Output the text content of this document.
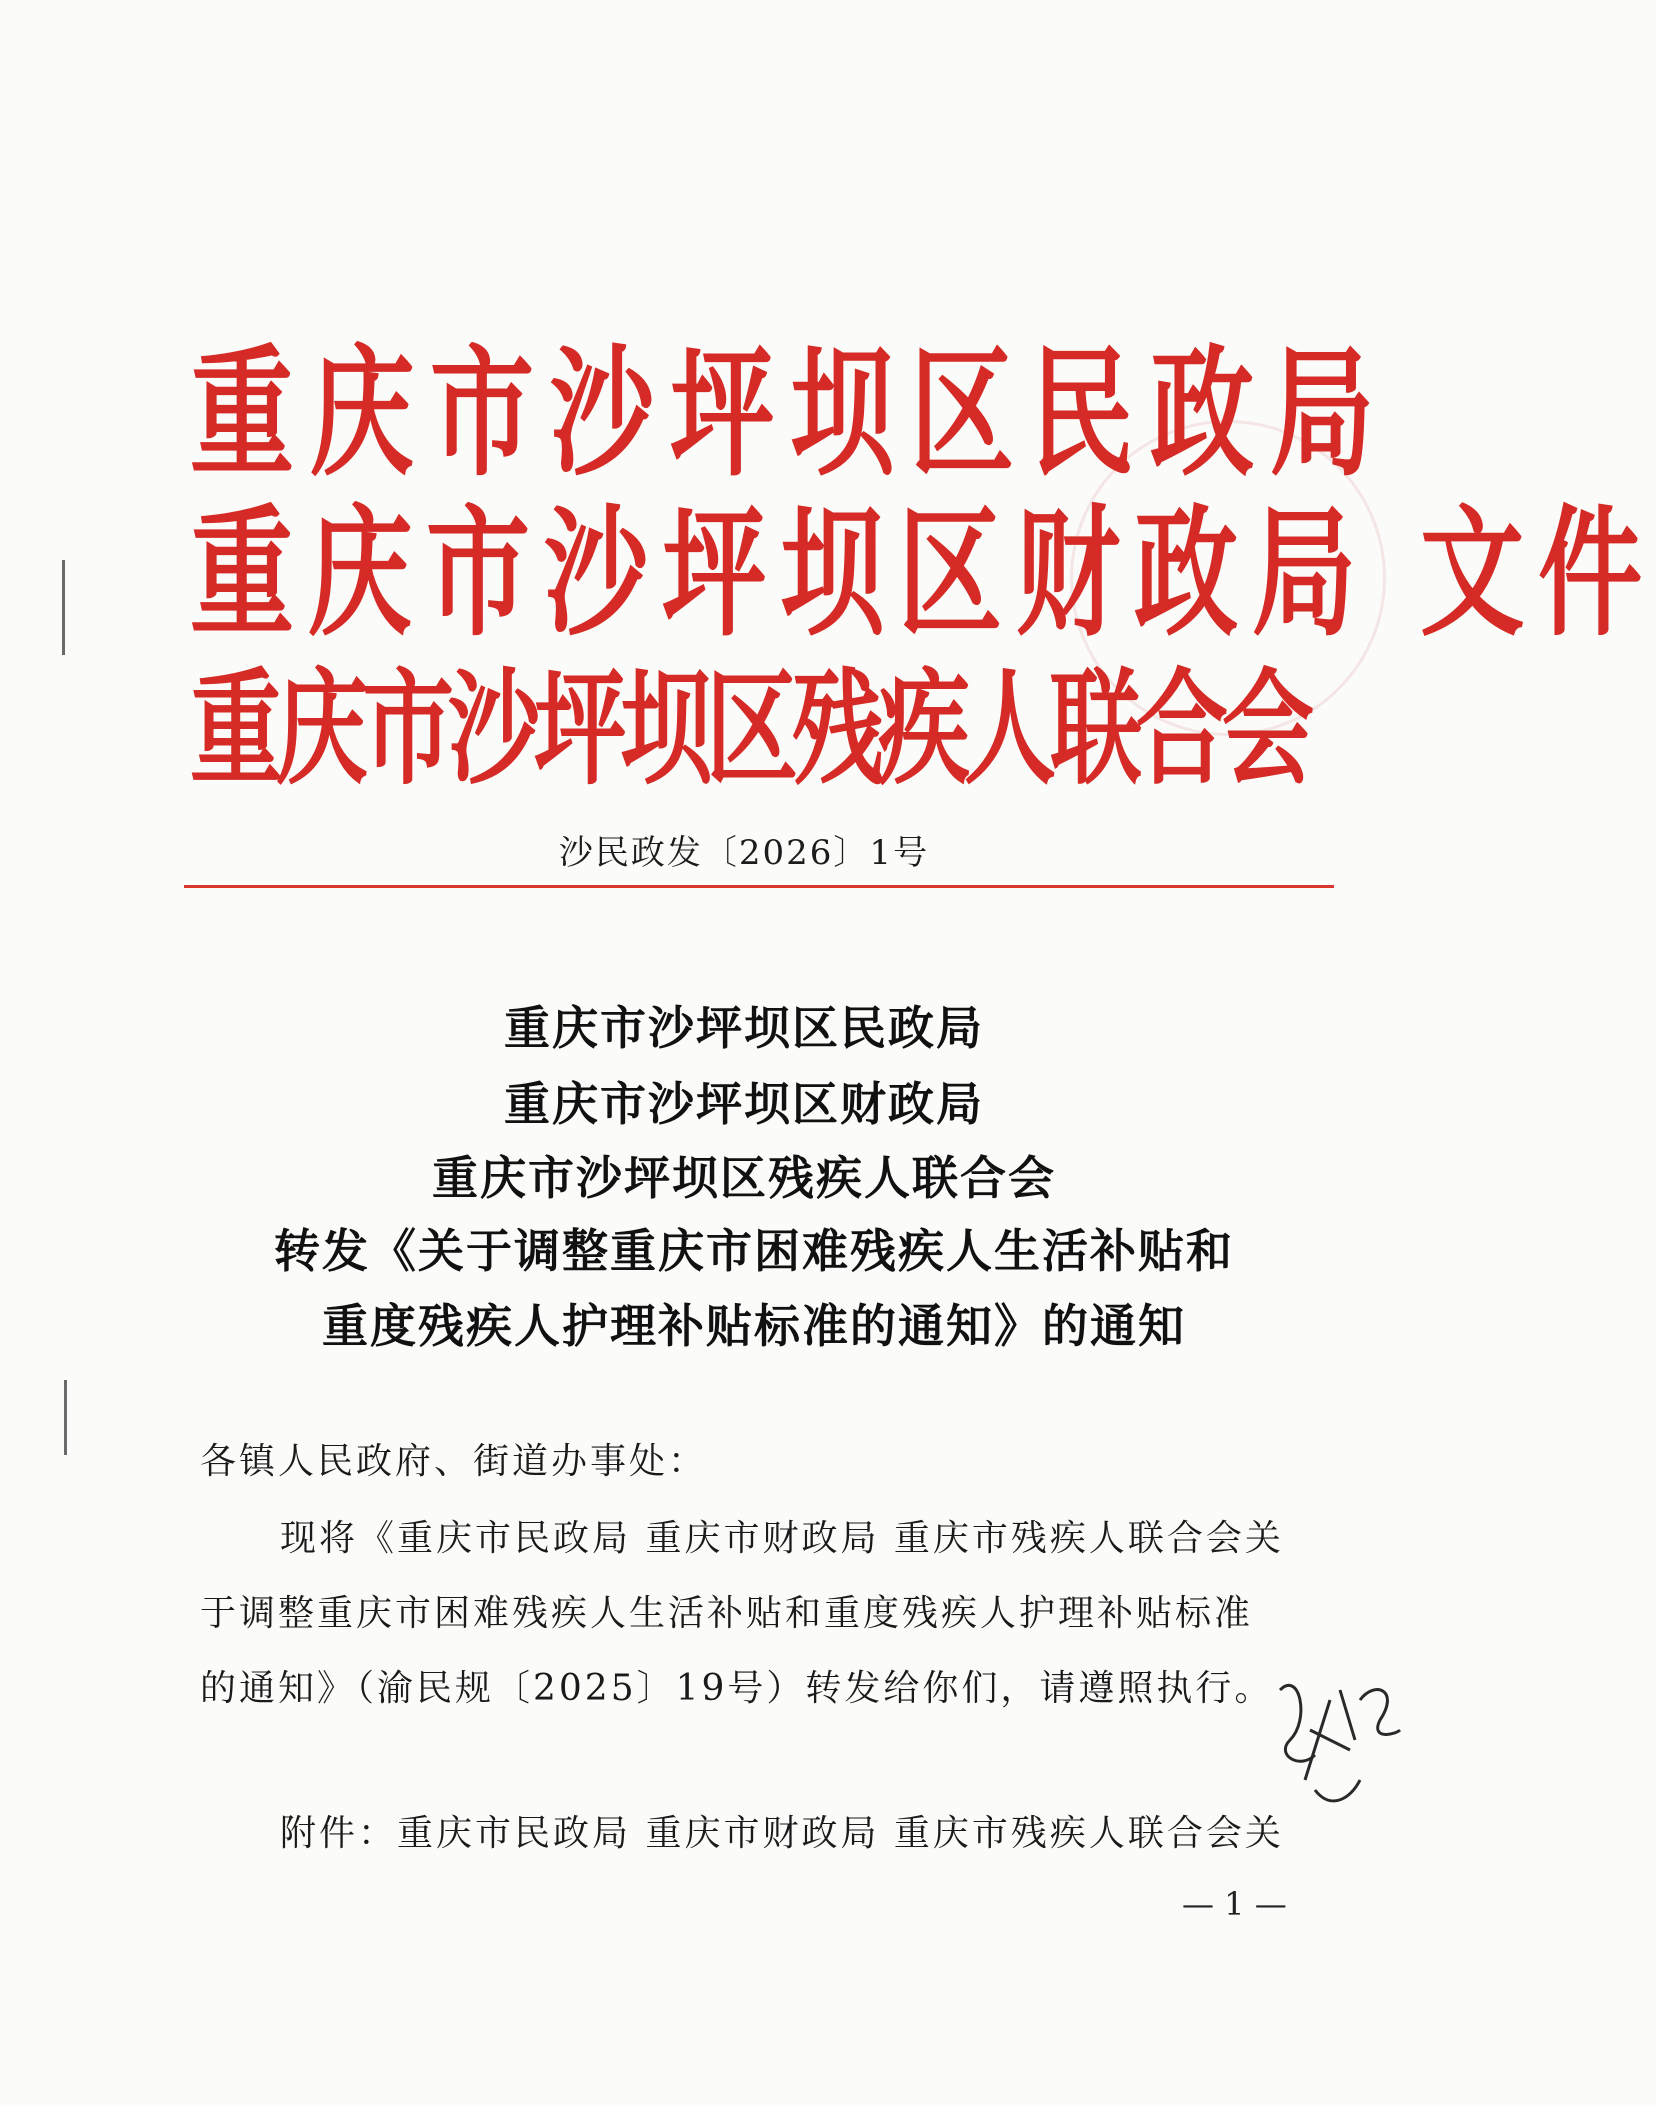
重庆市沙坪坝区民政局
重庆市沙坪坝区财政局 文件
重庆市沙坪坝区残疾人联合会
沙民政发〔2026〕1号
重庆市沙坪坝区民政局
重庆市沙坪坝区财政局
重庆市沙坪坝区残疾人联合会
转发《关于调整重庆市困难残疾人生活补贴和
重度残疾人护理补贴标准的通知》的通知
各镇人民政府、街道办事处：
现将《重庆市民政局 重庆市财政局 重庆市残疾人联合会关
于调整重庆市困难残疾人生活补贴和重度残疾人护理补贴标准
的通知》（渝民规〔2025〕19号）转发给你们，请遵照执行。
附件：重庆市民政局 重庆市财政局 重庆市残疾人联合会关
— 1 —
